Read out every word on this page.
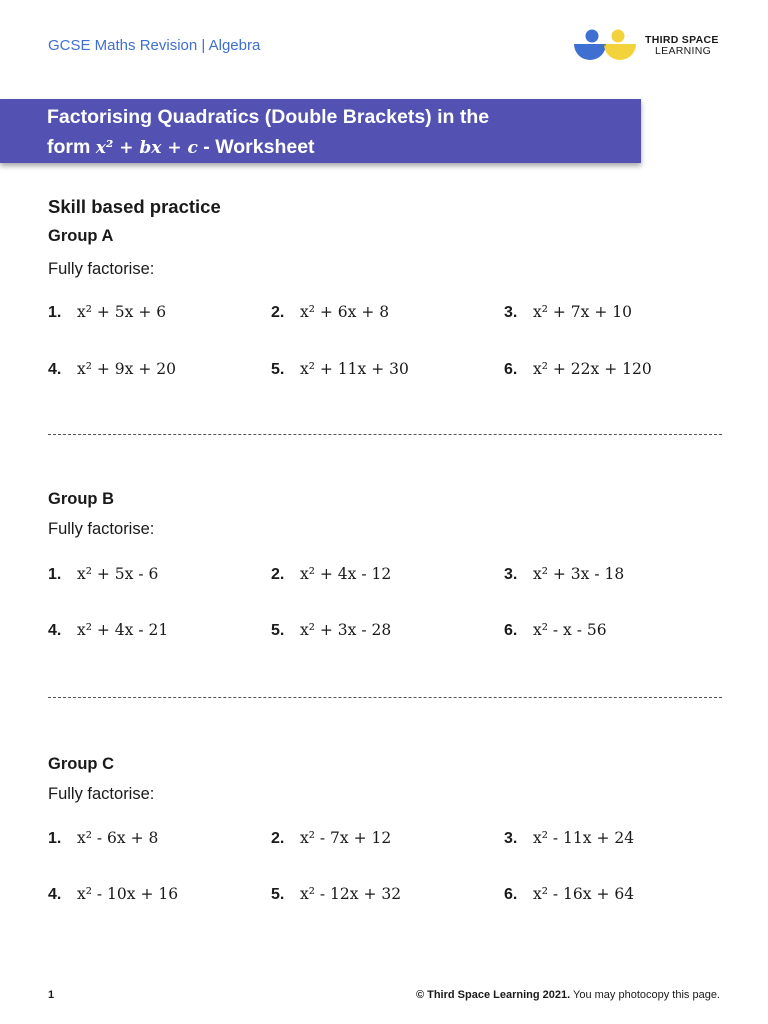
GCSE Maths Revision | Algebra	THIRD SPACE
LEARNING
Factorising Quadratics (Double Brackets) in the
form x² + bx + c - Worksheet
Skill based practice
Group A
Fully factorise:
1. x² + 5x + 6	2. x² + 6x + 8	3. x² + 7x + 10
4. x² + 9x + 20	5. x² + 11x + 30	6. x² + 22x + 120
Group B
Fully factorise:
1. x² + 5x - 6	2. x² + 4x - 12	3. x² + 3x - 18
4. x² + 4x - 21	5. x² + 3x - 28	6. x² - x - 56
Group C
Fully factorise:
1. x² - 6x + 8	2. x² - 7x + 12	3. x² - 11x + 24
4. x² - 10x + 16	5. x² - 12x + 32	6. x² - 16x + 64
1	© Third Space Learning 2021. You may photocopy this page.
